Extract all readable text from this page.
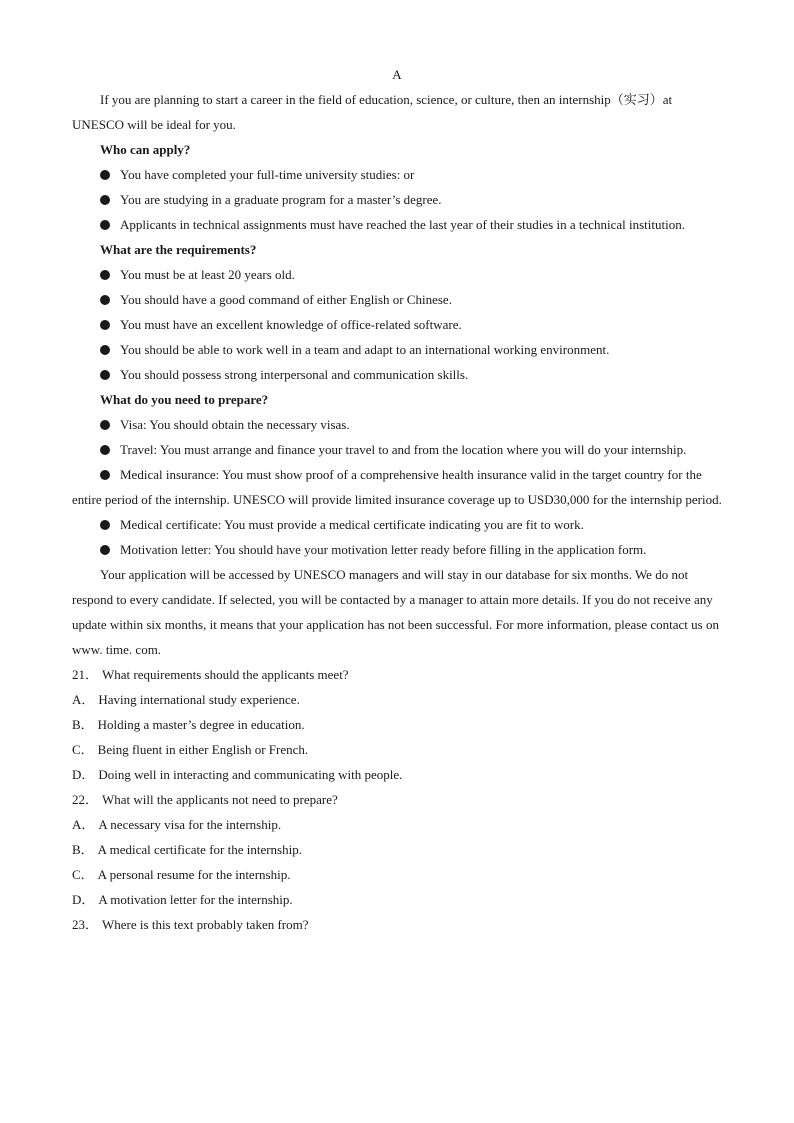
A

If you are planning to start a career in the field of education, science, or culture, then an internship（实习）at UNESCO will be ideal for you.

Who can apply?

You have completed your full-time university studies: or

You are studying in a graduate program for a master’s degree.

Applicants in technical assignments must have reached the last year of their studies in a technical institution.

What are the requirements?

You must be at least 20 years old.

You should have a good command of either English or Chinese.

You must have an excellent knowledge of office-related software.

You should be able to work well in a team and adapt to an international working environment.

You should possess strong interpersonal and communication skills.

What do you need to prepare?

Visa: You should obtain the necessary visas.

Travel: You must arrange and finance your travel to and from the location where you will do your internship.

Medical insurance: You must show proof of a comprehensive health insurance valid in the target country for the entire period of the internship. UNESCO will provide limited insurance coverage up to USD30,000 for the internship period.

Medical certificate: You must provide a medical certificate indicating you are fit to work.

Motivation letter: You should have your motivation letter ready before filling in the application form.

Your application will be accessed by UNESCO managers and will stay in our database for six months. We do not respond to every candidate. If selected, you will be contacted by a manager to attain more details. If you do not receive any update within six months, it means that your application has not been successful. For more information, please contact us on www. time. com.

21． What requirements should the applicants meet?

A． Having international study experience.

B． Holding a master’s degree in education.

C． Being fluent in either English or French.

D． Doing well in interacting and communicating with people.

22． What will the applicants not need to prepare?

A． A necessary visa for the internship.

B． A medical certificate for the internship.

C． A personal resume for the internship.

D． A motivation letter for the internship.

23． Where is this text probably taken from?
